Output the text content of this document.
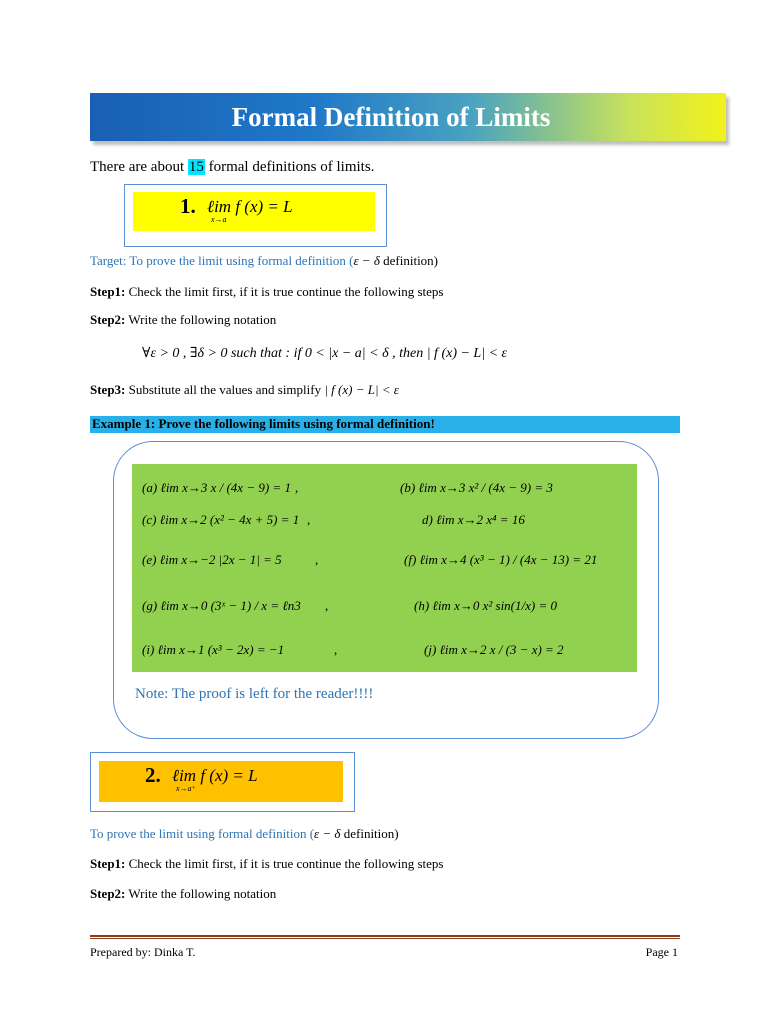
Formal Definition of Limits
There are about 15 formal definitions of limits.
1. ℓim f (x) = L
x→a
Target: To prove the limit using formal definition (ε − δ definition)
Step1: Check the limit first, if it is true continue the following steps
Step2: Write the following notation
∀ε > 0 , ∃δ > 0 such that : if 0 < |x − a| < δ , then | f (x) − L| < ε
Step3: Substitute all the values and simplify | f (x) − L| < ε
Example 1: Prove the following limits using formal definition!
(a) ℓim x→3 x / (4x − 9) = 1 ,	(b) ℓim x→3 x² / (4x − 9) = 3
(c) ℓim x→2 (x² − 4x + 5) = 1 ,	d) ℓim x→2 x⁴ = 16
(e) ℓim x→−2 |2x − 1| = 5	,	(f) ℓim x→4 (x³ − 1) / (4x − 13) = 21
(g) ℓim x→0 (3ˣ − 1) / x = ℓn3 ,	(h) ℓim x→0 x² sin(1/x) = 0
(i) ℓim x→1 (x³ − 2x) = −1	,	(j) ℓim x→2 x / (3 − x) = 2
Note: The proof is left for the reader!!!!
2. ℓim f (x) = L
x→a⁺
To prove the limit using formal definition (ε − δ definition)
Step1: Check the limit first, if it is true continue the following steps
Step2: Write the following notation
Prepared by: Dinka T.	Page 1
